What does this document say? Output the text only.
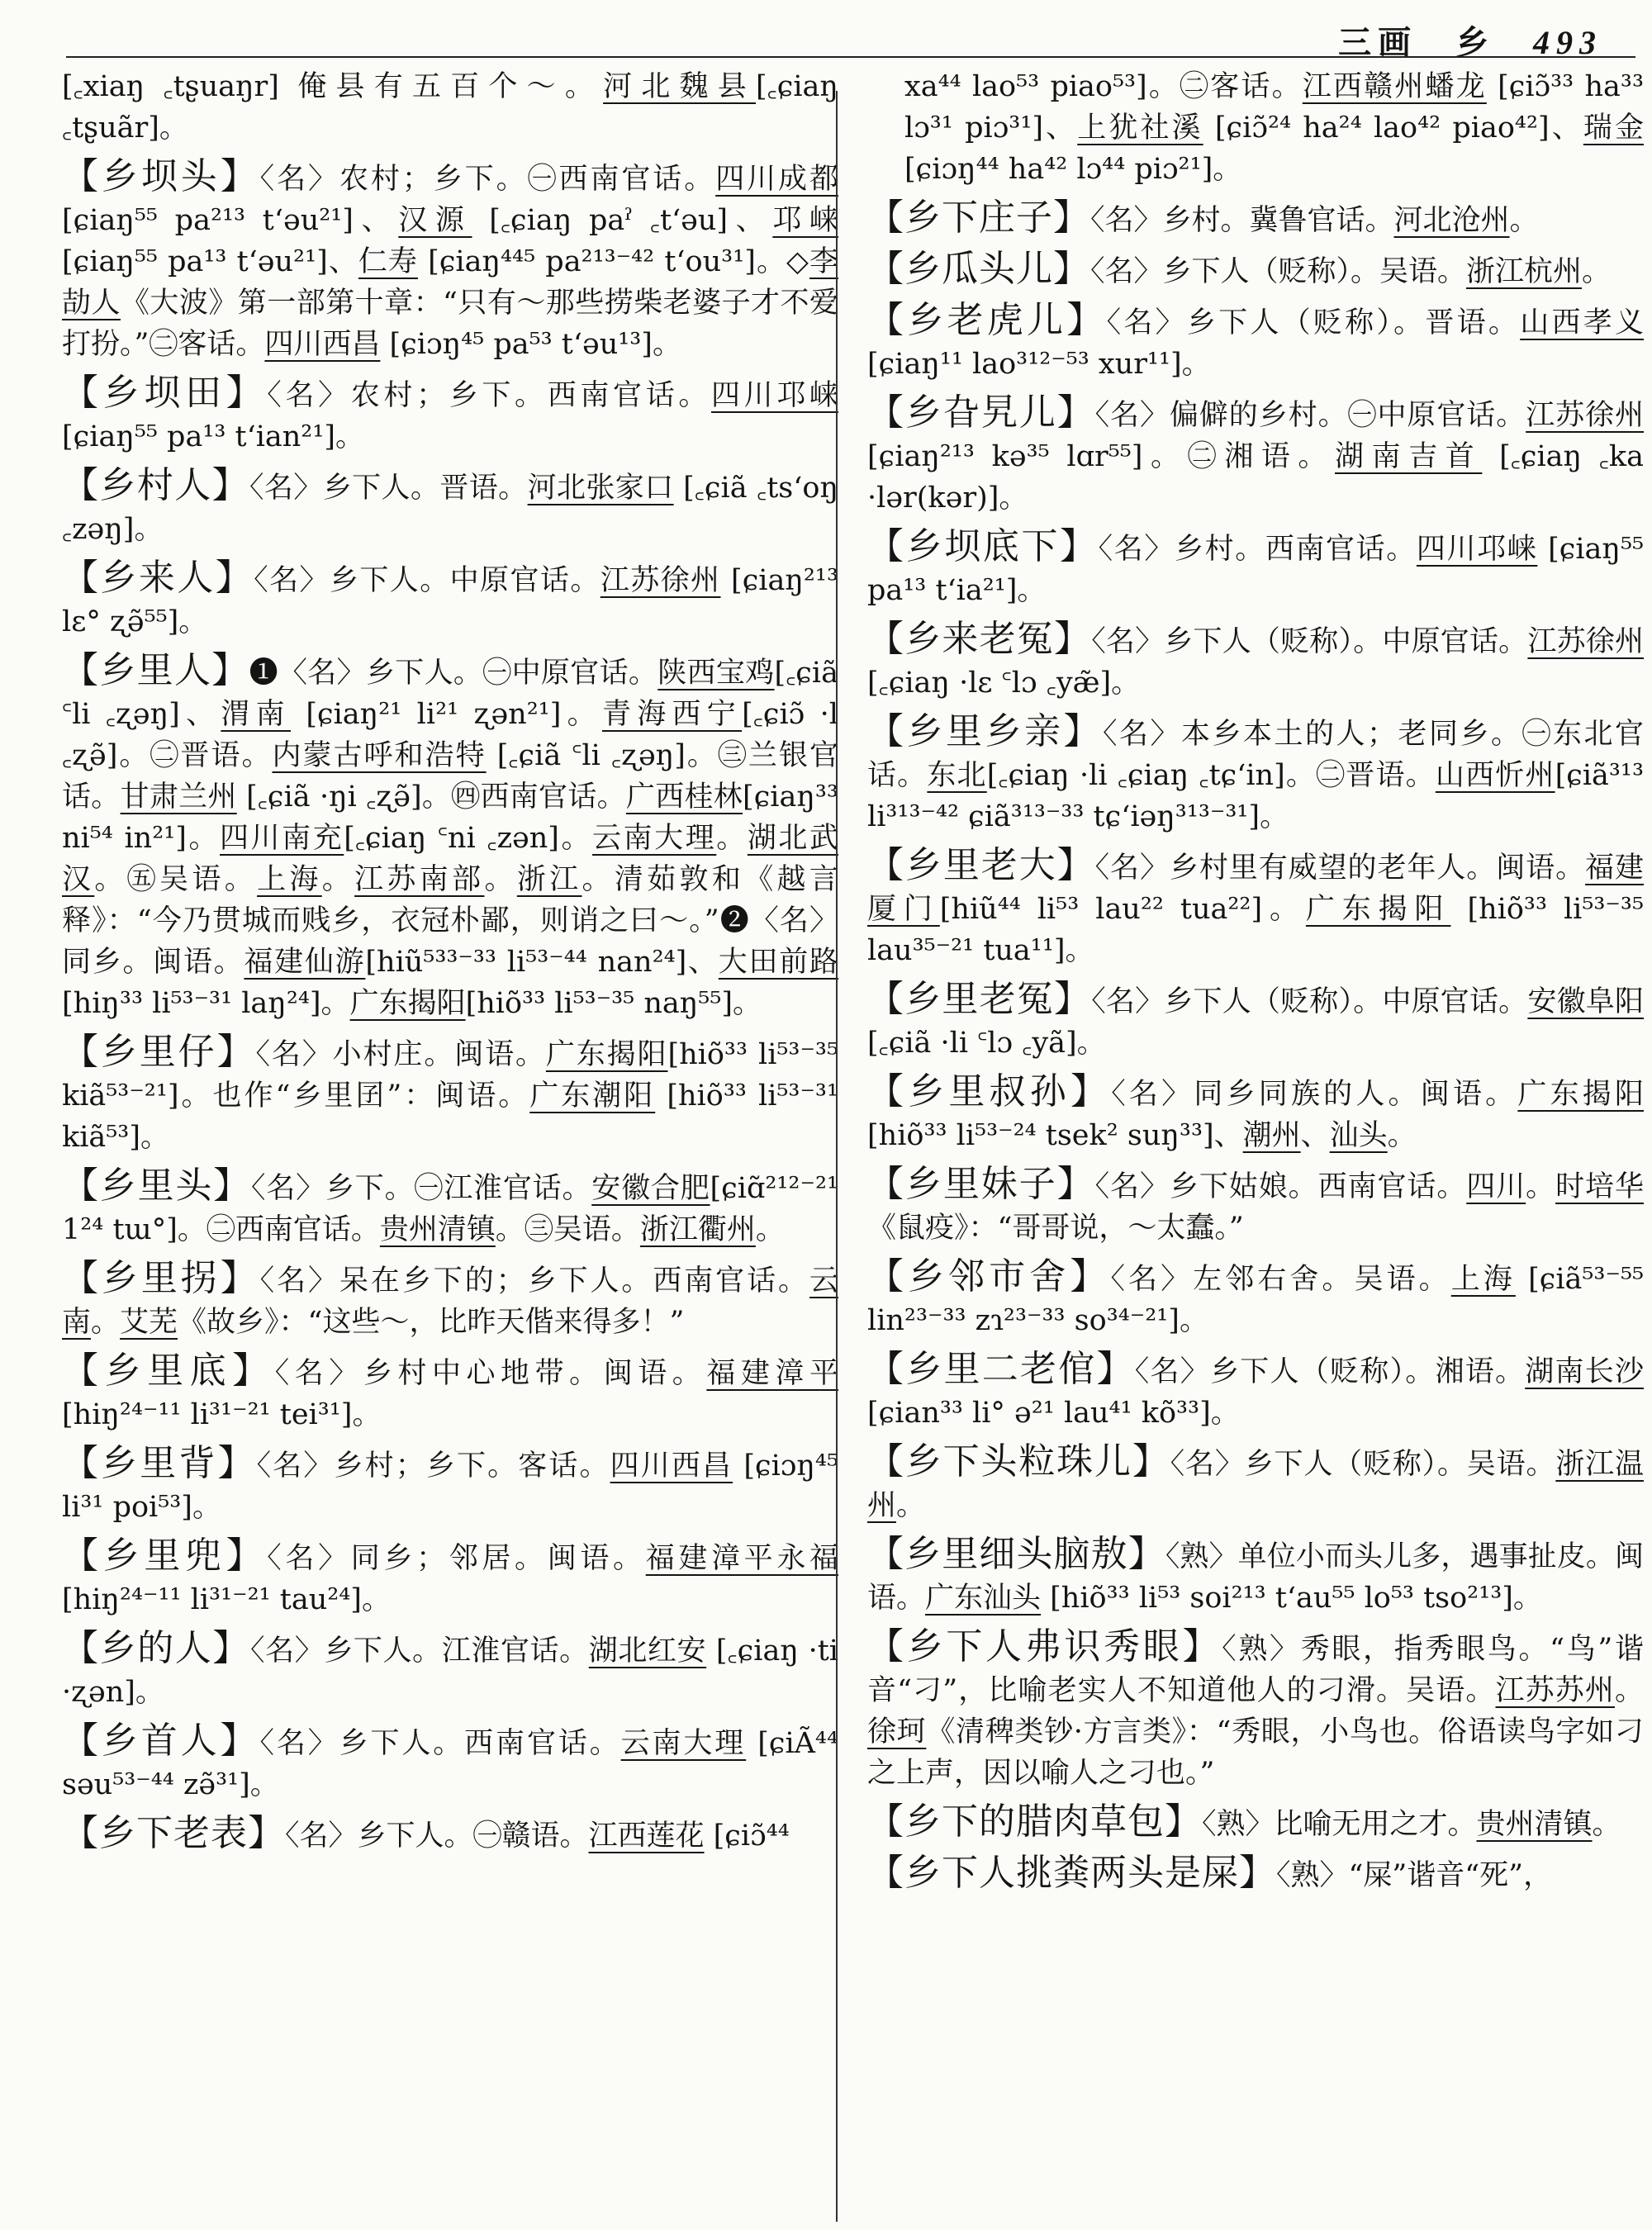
三画 乡 493
[꜀xiaŋ ꜀tʂuaŋr] 俺县有五百个～。河北魏县[꜀ɕiaŋ ꜀tʂuãr]。
【乡坝头】〈名〉农村；乡下。㊀西南官话。四川成都[ɕiaŋ⁵⁵ pa²¹³ t‘əu²¹]、汉源 [꜀ɕiaŋ paˀ ꜀t‘əu]、邛崃 [ɕiaŋ⁵⁵ pa¹³ t‘əu²¹]、仁寿 [ɕiaŋ⁴⁴⁵ pa²¹³⁻⁴² t‘ou³¹]。◇李劼人《大波》第一部第十章：“只有～那些捞柴老婆子才不爱打扮。”㊁客话。四川西昌 [ɕiɔŋ⁴⁵ pa⁵³ t‘əu¹³]。
【乡坝田】〈名〉农村；乡下。西南官话。四川邛崃 [ɕiaŋ⁵⁵ pa¹³ t‘ian²¹]。
【乡村人】〈名〉乡下人。晋语。河北张家口 [꜀ɕiã ꜀ts‘oŋ ꜀zəŋ]。
【乡来人】〈名〉乡下人。中原官话。江苏徐州 [ɕiaŋ²¹³ lɛ° ʐə̃⁵⁵]。
【乡里人】❶〈名〉乡下人。㊀中原官话。陕西宝鸡[꜀ɕiã ꜂li ꜀ʐəŋ]、渭南 [ɕiaŋ²¹ li²¹ ʐən²¹]。青海西宁[꜀ɕiɔ̃ ·l ꜀ʐə̃]。㊁晋语。内蒙古呼和浩特 [꜀ɕiã ꜂li ꜀ʐəŋ]。㊂兰银官话。甘肃兰州 [꜀ɕiã ·ŋi ꜀ʐə̃]。㊃西南官话。广西桂林[ɕiaŋ³³ ni⁵⁴ in²¹]。四川南充[꜀ɕiaŋ ꜂ni ꜀zən]。云南大理。湖北武汉。㊄吴语。上海。江苏南部。浙江。清茹敦和《越言释》：“今乃贯城而贱乡，衣冠朴鄙，则诮之曰～。”❷〈名〉同乡。闽语。福建仙游[hiũ⁵³³⁻³³ li⁵³⁻⁴⁴ nan²⁴]、大田前路[hiŋ³³ li⁵³⁻³¹ laŋ²⁴]。广东揭阳[hiõ³³ li⁵³⁻³⁵ naŋ⁵⁵]。
【乡里仔】〈名〉小村庄。闽语。广东揭阳[hiõ³³ li⁵³⁻³⁵ kiã⁵³⁻²¹]。也作“乡里囝”：闽语。广东潮阳 [hiõ³³ li⁵³⁻³¹ kiã⁵³]。
【乡里头】〈名〉乡下。㊀江淮官话。安徽合肥[ɕiɑ̃²¹²⁻²¹ 1²⁴ tɯ°]。㊁西南官话。贵州清镇。㊂吴语。浙江衢州。
【乡里拐】〈名〉呆在乡下的；乡下人。西南官话。云南。艾芜《故乡》：“这些～，比昨天偕来得多！”
【乡里底】〈名〉乡村中心地带。闽语。福建漳平 [hiŋ²⁴⁻¹¹ li³¹⁻²¹ tei³¹]。
【乡里背】〈名〉乡村；乡下。客话。四川西昌 [ɕiɔŋ⁴⁵ li³¹ poi⁵³]。
【乡里兜】〈名〉同乡；邻居。闽语。福建漳平永福 [hiŋ²⁴⁻¹¹ li³¹⁻²¹ tau²⁴]。
【乡的人】〈名〉乡下人。江淮官话。湖北红安 [꜀ɕiaŋ ·ti ·ʐən]。
【乡首人】〈名〉乡下人。西南官话。云南大理 [ɕiÃ⁴⁴ səu⁵³⁻⁴⁴ zə̃³¹]。
【乡下老表】〈名〉乡下人。㊀赣语。江西莲花 [ɕiɔ̃⁴⁴
xa⁴⁴ lao⁵³ piao⁵³]。㊁客话。江西赣州蟠龙 [ɕiɔ̃³³ ha³³ lɔ³¹ piɔ³¹]、上犹社溪 [ɕiɔ̃²⁴ ha²⁴ lao⁴² piao⁴²]、瑞金 [ɕiɔŋ⁴⁴ ha⁴² lɔ⁴⁴ piɔ²¹]。
【乡下庄子】〈名〉乡村。冀鲁官话。河北沧州。
【乡瓜头儿】〈名〉乡下人（贬称）。吴语。浙江杭州。
【乡老虎儿】〈名〉乡下人（贬称）。晋语。山西孝义 [ɕiaŋ¹¹ lao³¹²⁻⁵³ xur¹¹]。
【乡旮旯儿】〈名〉偏僻的乡村。㊀中原官话。江苏徐州 [ɕiaŋ²¹³ kə³⁵ lɑr⁵⁵]。㊁湘语。湖南吉首 [꜀ɕiaŋ ꜀ka ·lər(kər)]。
【乡坝底下】〈名〉乡村。西南官话。四川邛崃 [ɕiaŋ⁵⁵ pa¹³ t‘ia²¹]。
【乡来老冤】〈名〉乡下人（贬称）。中原官话。江苏徐州 [꜀ɕiaŋ ·lɛ ꜂lɔ ꜀yæ̃]。
【乡里乡亲】〈名〉本乡本土的人；老同乡。㊀东北官话。东北[꜀ɕiaŋ ·li ꜀ɕiaŋ ꜀tɕ‘in]。㊁晋语。山西忻州[ɕiã³¹³ li³¹³⁻⁴² ɕiã³¹³⁻³³ tɕ‘iəŋ³¹³⁻³¹]。
【乡里老大】〈名〉乡村里有威望的老年人。闽语。福建厦门[hiũ⁴⁴ li⁵³ lau²² tua²²]。广东揭阳 [hiõ³³ li⁵³⁻³⁵ lau³⁵⁻²¹ tua¹¹]。
【乡里老冤】〈名〉乡下人（贬称）。中原官话。安徽阜阳[꜀ɕiã ·li ꜂lɔ ꜀yã]。
【乡里叔孙】〈名〉同乡同族的人。闽语。广东揭阳 [hiõ³³ li⁵³⁻²⁴ tsek² suŋ³³]、潮州、汕头。
【乡里妹子】〈名〉乡下姑娘。西南官话。四川。时培华《鼠疫》：“哥哥说，～太蠢。”
【乡邻市舍】〈名〉左邻右舍。吴语。上海 [ɕiã⁵³⁻⁵⁵ lin²³⁻³³ zɿ²³⁻³³ so³⁴⁻²¹]。
【乡里二老倌】〈名〉乡下人（贬称）。湘语。湖南长沙 [ɕian³³ li° ə²¹ lau⁴¹ kõ³³]。
【乡下头粒珠儿】〈名〉乡下人（贬称）。吴语。浙江温州。
【乡里细头脑敖】〈熟〉单位小而头儿多，遇事扯皮。闽语。广东汕头 [hiõ³³ li⁵³ soi²¹³ t‘au⁵⁵ lo⁵³ tso²¹³]。
【乡下人弗识秀眼】〈熟〉秀眼，指秀眼鸟。“鸟”谐音“刁”，比喻老实人不知道他人的刁滑。吴语。江苏苏州。徐珂《清稗类钞·方言类》：“秀眼，小鸟也。俗语读鸟字如刁之上声，因以喻人之刁也。”
【乡下的腊肉草包】〈熟〉比喻无用之才。贵州清镇。
【乡下人挑粪两头是屎】〈熟〉“屎”谐音“死”，
